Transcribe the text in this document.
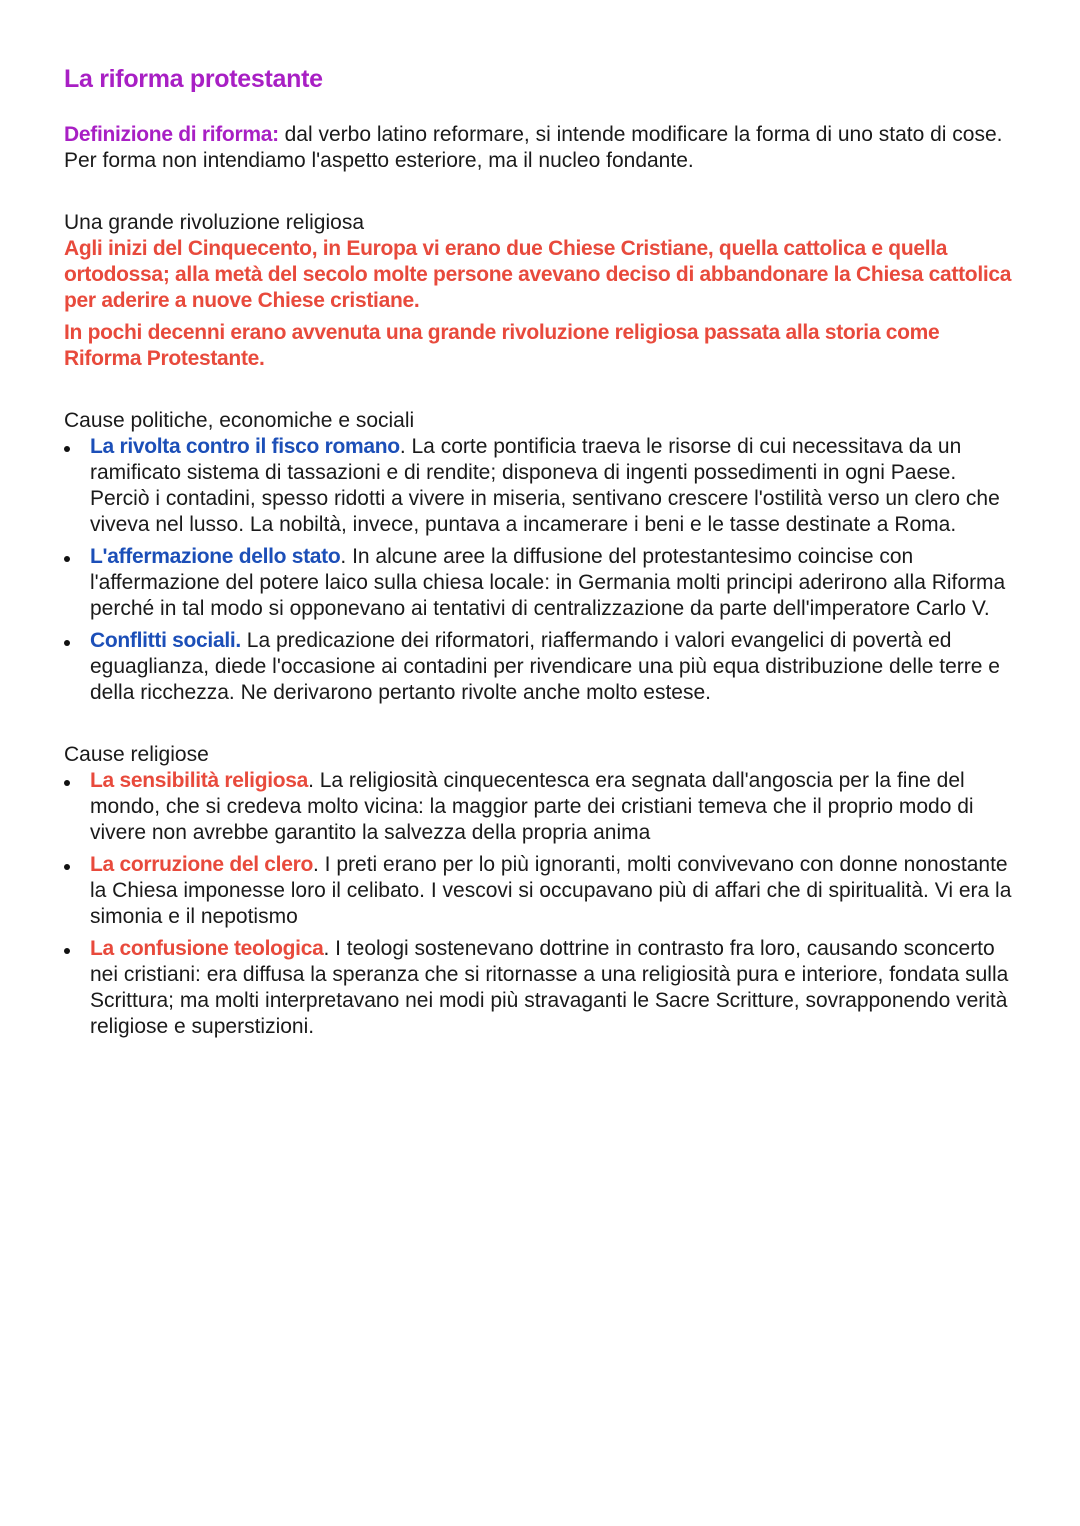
La riforma protestante

Definizione di riforma: dal verbo latino reformare, si intende modificare la forma di uno stato di cose. Per forma non intendiamo l'aspetto esteriore, ma il nucleo fondante.

Una grande rivoluzione religiosa

Agli inizi del Cinquecento, in Europa vi erano due Chiese Cristiane, quella cattolica e quella ortodossa; alla metà del secolo molte persone avevano deciso di abbandonare la Chiesa cattolica per aderire a nuove Chiese cristiane.

In pochi decenni erano avvenuta una grande rivoluzione religiosa passata alla storia come Riforma Protestante.

Cause politiche, economiche e sociali

La rivolta contro il fisco romano. La corte pontificia traeva le risorse di cui necessitava da un ramificato sistema di tassazioni e di rendite; disponeva di ingenti possedimenti in ogni Paese. Perciò i contadini, spesso ridotti a vivere in miseria, sentivano crescere l'ostilità verso un clero che viveva nel lusso. La nobiltà, invece, puntava a incamerare i beni e le tasse destinate a Roma.
L'affermazione dello stato. In alcune aree la diffusione del protestantesimo coincise con l'affermazione del potere laico sulla chiesa locale: in Germania molti principi aderirono alla Riforma perché in tal modo si opponevano ai tentativi di centralizzazione da parte dell'imperatore Carlo V.
Conflitti sociali. La predicazione dei riformatori, riaffermando i valori evangelici di povertà ed eguaglianza, diede l'occasione ai contadini per rivendicare una più equa distribuzione delle terre e della ricchezza. Ne derivarono pertanto rivolte anche molto estese.

Cause religiose

La sensibilità religiosa. La religiosità cinquecentesca era segnata dall'angoscia per la fine del mondo, che si credeva molto vicina: la maggior parte dei cristiani temeva che il proprio modo di vivere non avrebbe garantito la salvezza della propria anima
La corruzione del clero. I preti erano per lo più ignoranti, molti convivevano con donne nonostante la Chiesa imponesse loro il celibato. I vescovi si occupavano più di affari che di spiritualità. Vi era la simonia e il nepotismo
La confusione teologica. I teologi sostenevano dottrine in contrasto fra loro, causando sconcerto nei cristiani: era diffusa la speranza che si ritornasse a una religiosità pura e interiore, fondata sulla Scrittura; ma molti interpretavano nei modi più stravaganti le Sacre Scritture, sovrapponendo verità religiose e superstizioni.
